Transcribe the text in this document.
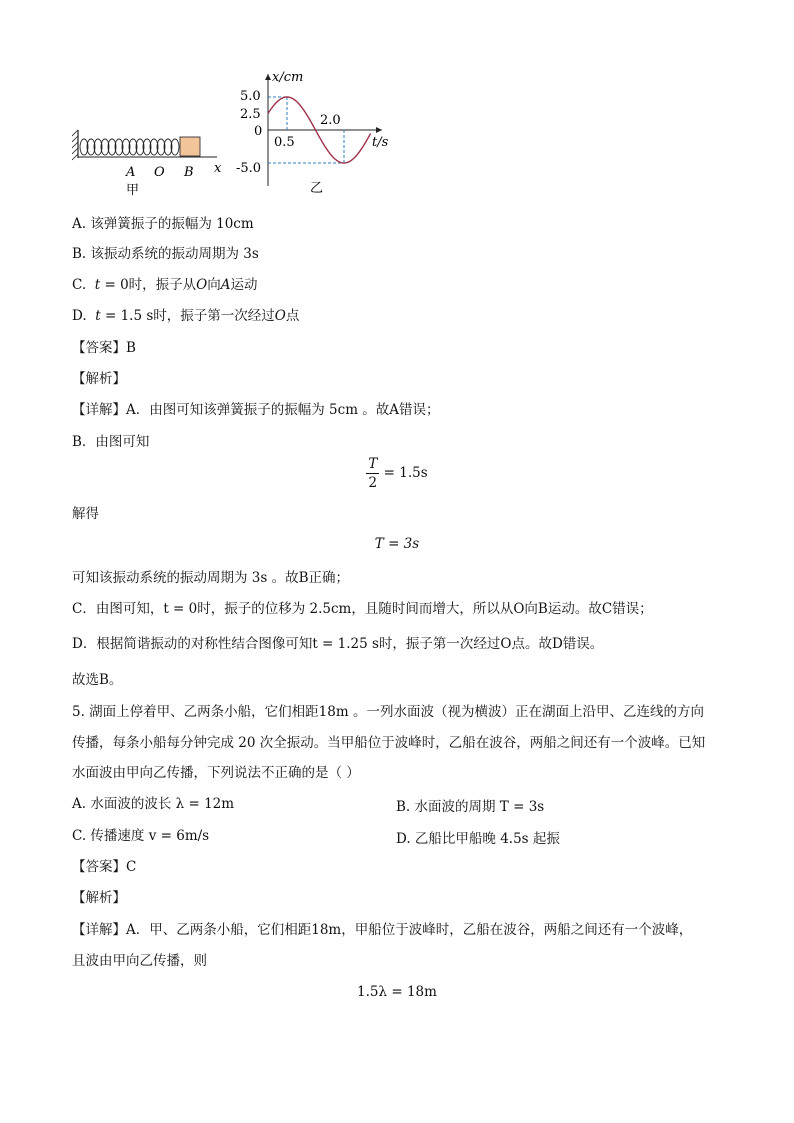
A O B x
甲
x/cm
t/s
5.0
2.5
0
-5.0
0.5
2.0
乙
A. 该弹簧振子的振幅为 10cm
B. 该振动系统的振动周期为 3s
C. t = 0时，振子从O向A运动
D. t = 1.5 s时，振子第一次经过O点
【答案】B
【解析】
【详解】A．由图可知该弹簧振子的振幅为 5cm 。故A错误；
B．由图可知
$\frac{T}{2} = 1.5s$
解得
T = 3s
可知该振动系统的振动周期为 3s 。故B正确；
C．由图可知，t = 0时，振子的位移为 2.5cm，且随时间而增大，所以从O向B运动。故C错误；
D．根据简谐振动的对称性结合图像可知t = 1.25 s时，振子第一次经过O点。故D错误。
故选B。
5. 湖面上停着甲、乙两条小船，它们相距18m 。一列水面波（视为横波）正在湖面上沿甲、乙连线的方向
传播，每条小船每分钟完成 20 次全振动。当甲船位于波峰时，乙船在波谷，两船之间还有一个波峰。已知
水面波由甲向乙传播，下列说法不正确的是（ ）
A. 水面波的波长 λ = 12m	B. 水面波的周期 T = 3s
C. 传播速度 v = 6m/s	D. 乙船比甲船晚 4.5s 起振
【答案】C
【解析】
【详解】A．甲、乙两条小船，它们相距18m，甲船位于波峰时，乙船在波谷，两船之间还有一个波峰，
且波由甲向乙传播，则
1.5λ = 18m
